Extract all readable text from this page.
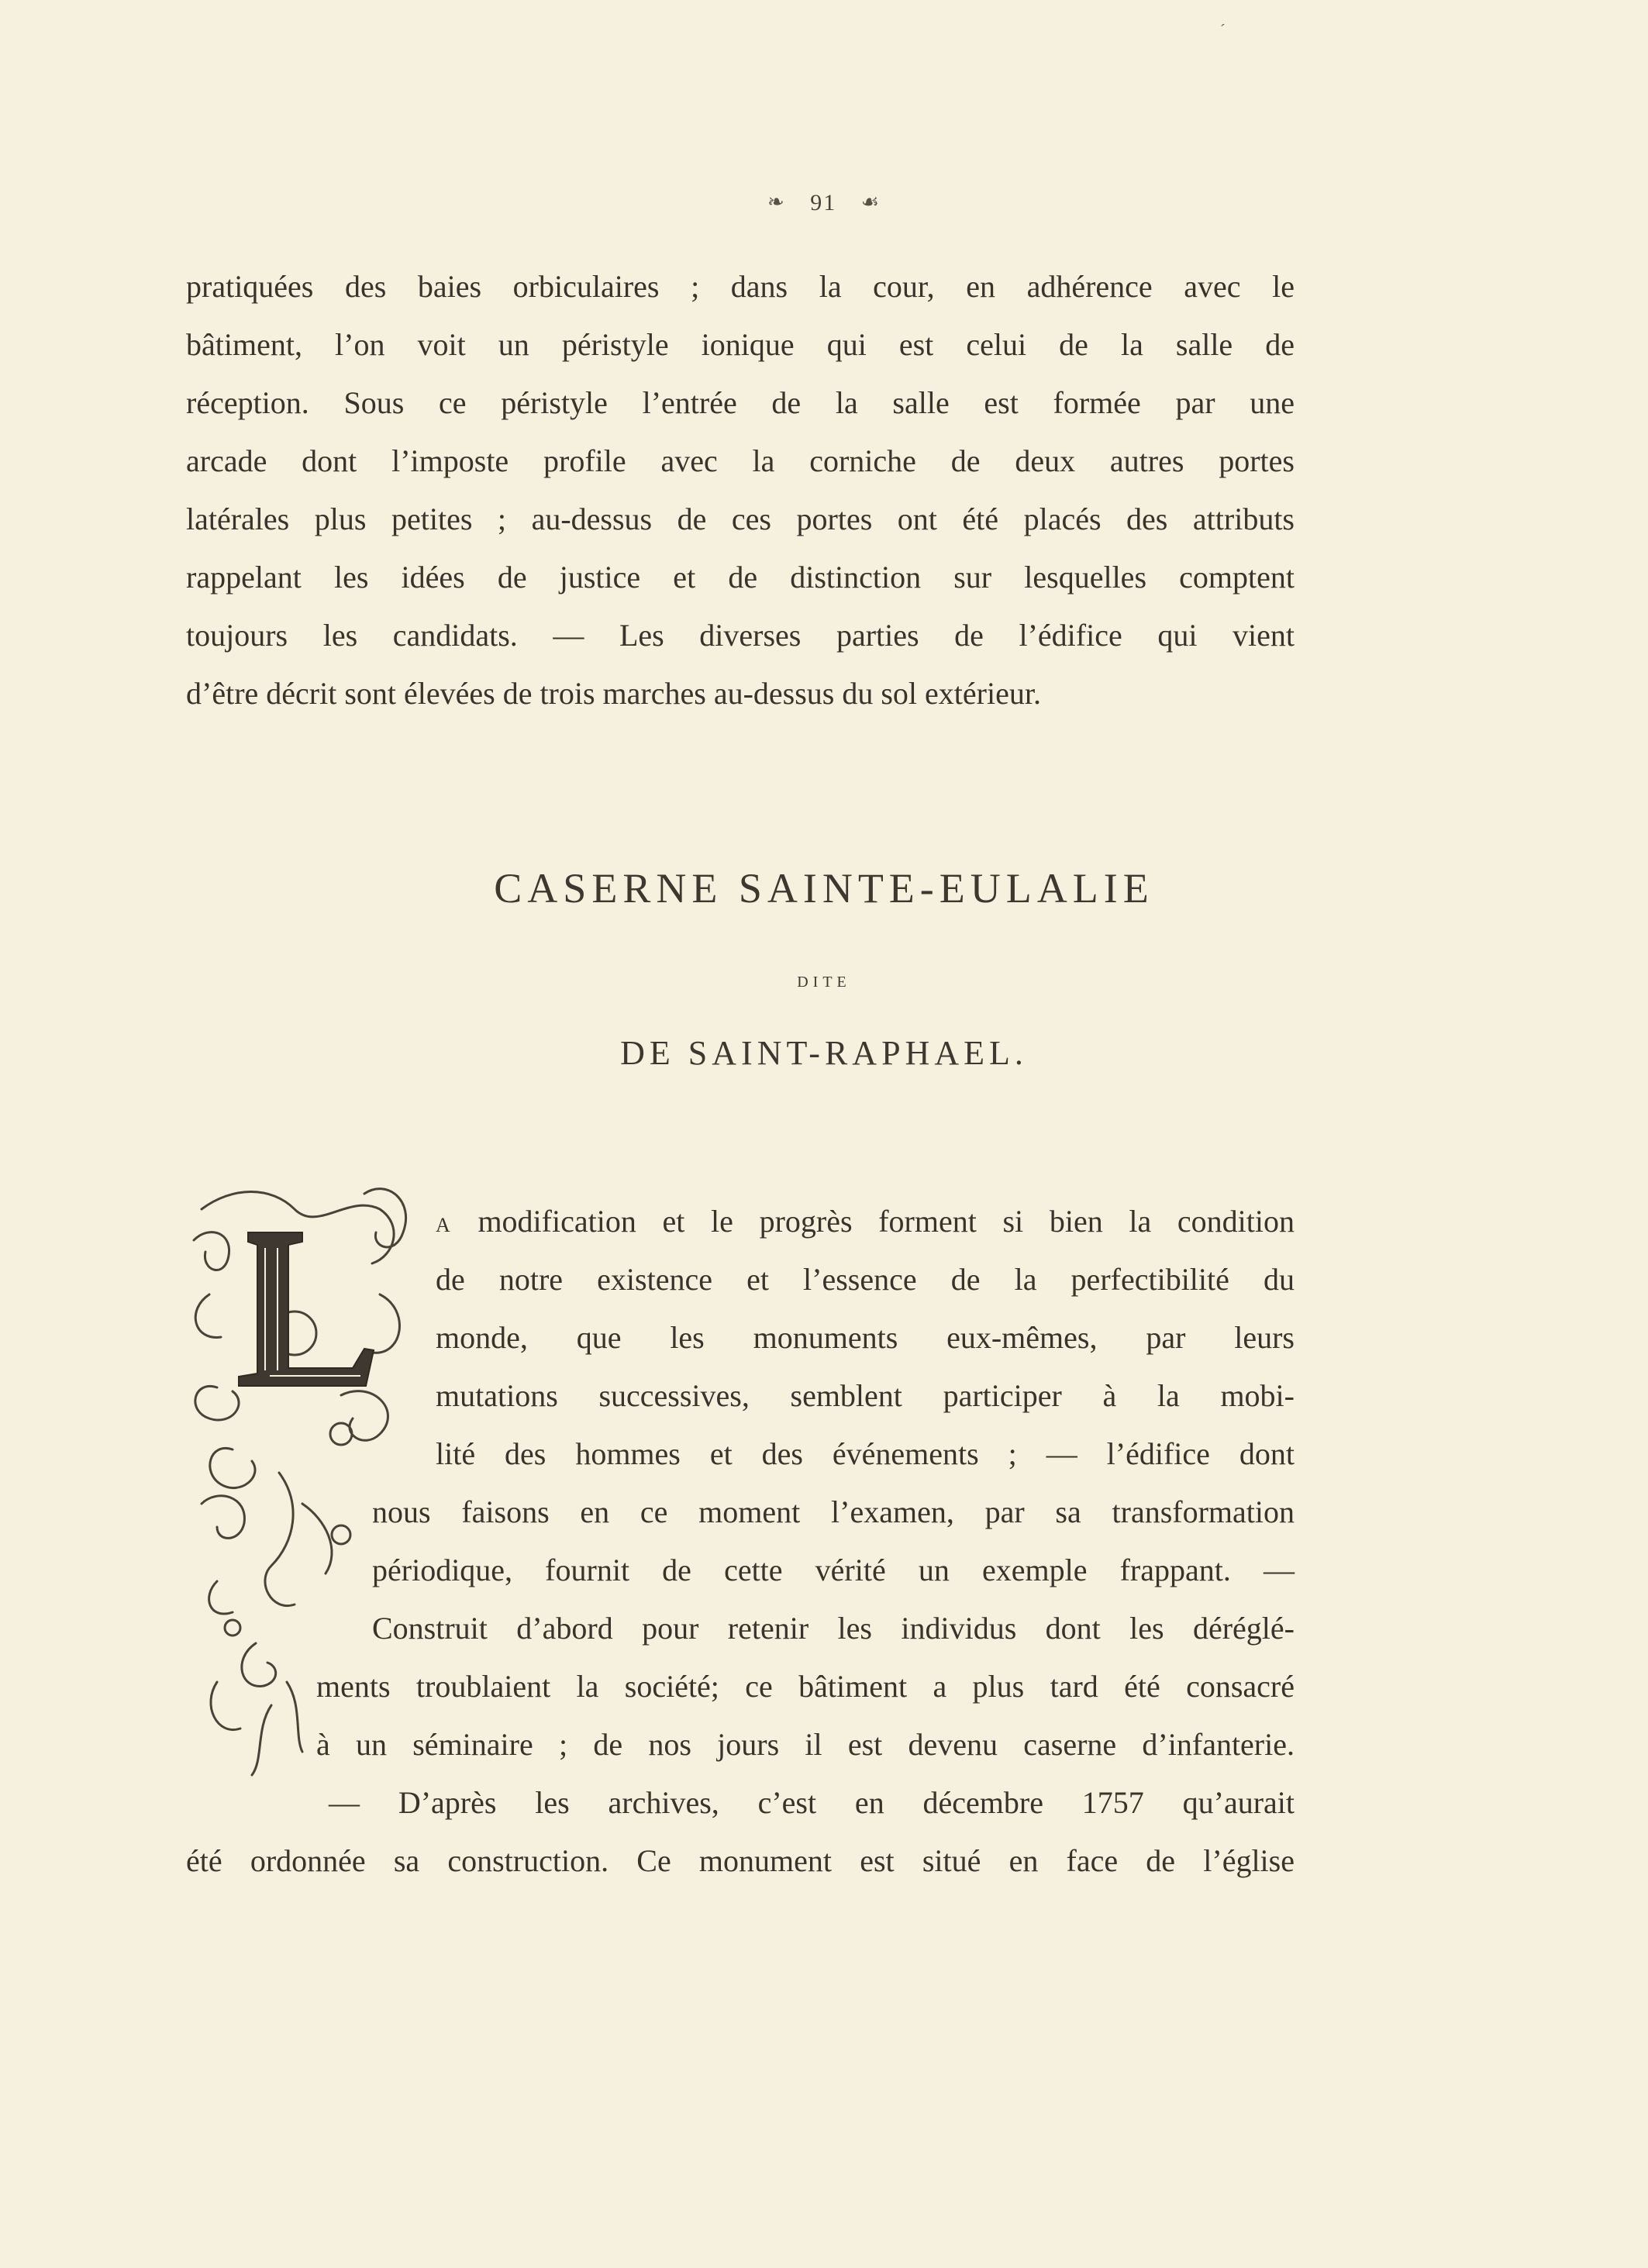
❧ 91 ☙
´
pratiquées des baies orbiculaires ; dans la cour, en adhérence avec le
bâtiment, l’on voit un péristyle ionique qui est celui de la salle de
réception. Sous ce péristyle l’entrée de la salle est formée par une
arcade dont l’imposte profile avec la corniche de deux autres portes
latérales plus petites ; au-dessus de ces portes ont été placés des attributs
rappelant les idées de justice et de distinction sur lesquelles comptent
toujours les candidats. — Les diverses parties de l’édifice qui vient
d’être décrit sont élevées de trois marches au-dessus du sol extérieur.
CASERNE SAINTE-EULALIE
DITE
DE SAINT-RAPHAEL.
A modification et le progrès forment si bien la condition
de notre existence et l’essence de la perfectibilité du
monde, que les monuments eux-mêmes, par leurs
mutations successives, semblent participer à la mobi-
lité des hommes et des événements ; — l’édifice dont
nous faisons en ce moment l’examen, par sa transformation
périodique, fournit de cette vérité un exemple frappant. —
Construit d’abord pour retenir les individus dont les déréglé-
ments troublaient la société; ce bâtiment a plus tard été consacré
à un séminaire ; de nos jours il est devenu caserne d’infanterie.
— D’après les archives, c’est en décembre 1757 qu’aurait
été ordonnée sa construction. Ce monument est situé en face de l’église
